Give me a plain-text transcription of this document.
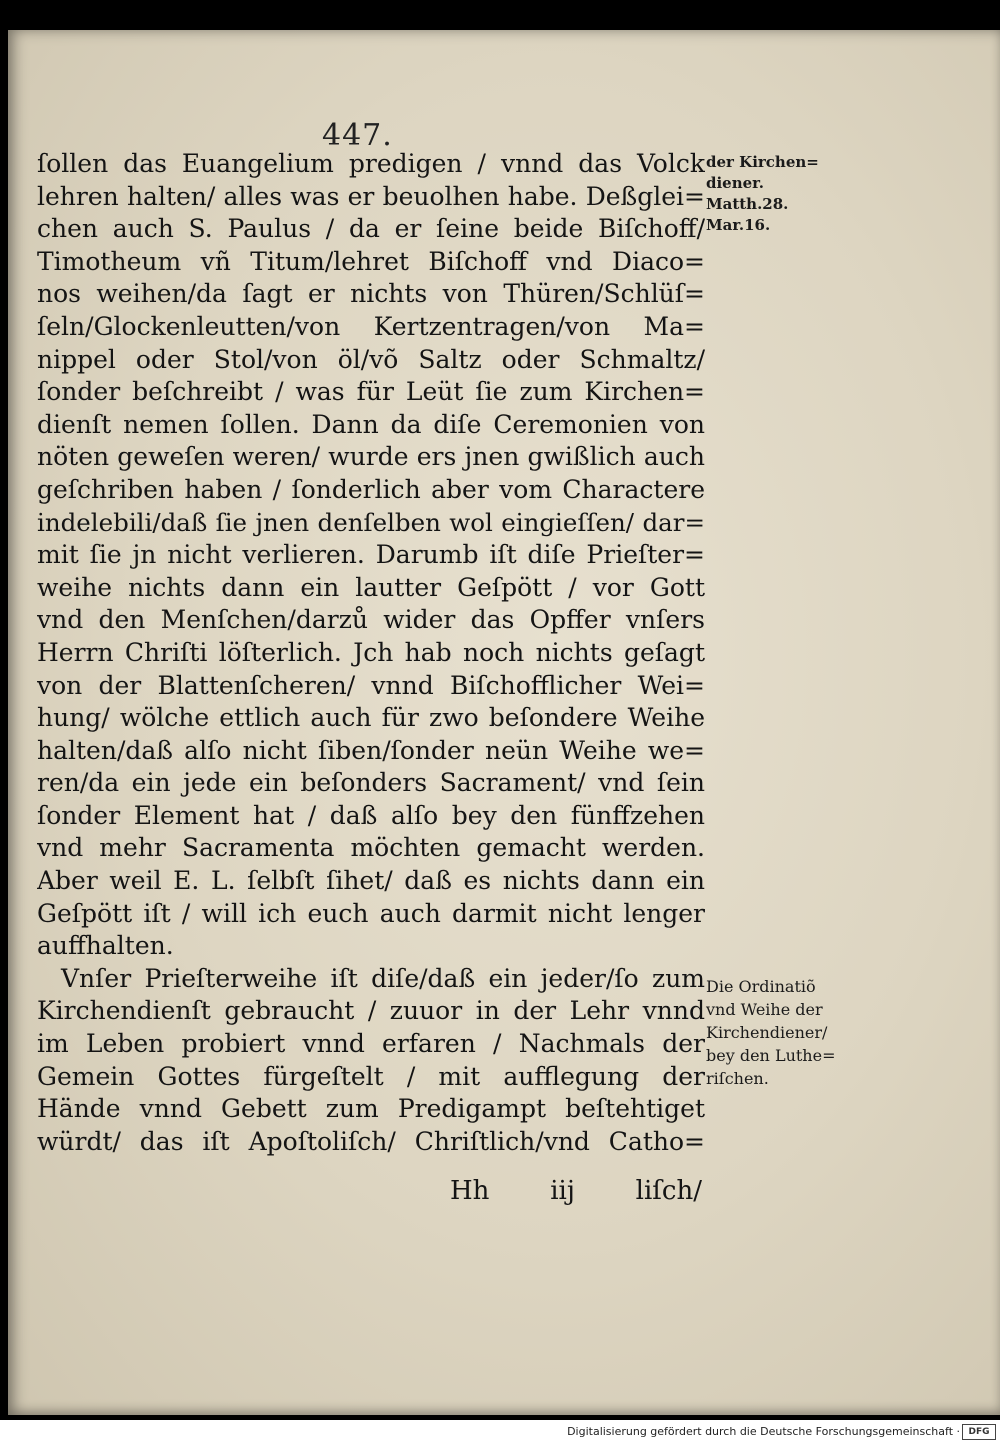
447.
ſollen das Euangelium predigen / vnnd das Volck
lehren halten/ alles was er beuolhen habe. Deßglei=
chen auch S. Paulus / da er ſeine beide Biſchoff/
Timotheum vñ Titum/lehret Biſchoff vnd Diaco=
nos weihen/da ſagt er nichts von Thüren/Schlüſ=
ſeln/Glockenleutten/von Kertzentragen/von Ma=
nippel oder Stol/von öl/võ Saltz oder Schmaltz/
ſonder beſchreibt / was für Leüt ſie zum Kirchen=
dienſt nemen ſollen. Dann da diſe Ceremonien von
nöten geweſen weren/ wurde ers jnen gwißlich auch
geſchriben haben / ſonderlich aber vom Charactere
indelebili/daß ſie jnen denſelben wol eingieſſen/ dar=
mit ſie jn nicht verlieren. Darumb iſt diſe Prieſter=
weihe nichts dann ein lautter Geſpött / vor Gott
vnd den Menſchen/darzů wider das Opffer vnſers
Herrn Chriſti löſterlich. Jch hab noch nichts geſagt
von der Blattenſcheren/ vnnd Biſchofflicher Wei=
hung/ wölche ettlich auch für zwo beſondere Weihe
halten/daß alſo nicht ſiben/ſonder neün Weihe we=
ren/da ein jede ein beſonders Sacrament/ vnd ſein
ſonder Element hat / daß alſo bey den fünffzehen
vnd mehr Sacramenta möchten gemacht werden.
Aber weil E. L. ſelbſt ſihet/ daß es nichts dann ein
Geſpött iſt / will ich euch auch darmit nicht lenger
auffhalten.
Vnſer Prieſterweihe iſt diſe/daß ein jeder/ſo zum
Kirchendienſt gebraucht / zuuor in der Lehr vnnd
im Leben probiert vnnd erfaren / Nachmals der
Gemein Gottes fürgeſtelt / mit aufflegung der
Hände vnnd Gebett zum Predigampt beſtehtiget
würdt/ das iſt Apoſtoliſch/ Chriſtlich/vnd Catho=
Hh iij liſch/
der Kirchen=
diener.
Matth.28.
Mar.16.
Die Ordinatiõ
vnd Weihe der
Kirchendiener/
bey den Luthe=
riſchen.
Digitalisierung gefördert durch die Deutsche Forschungsgemeinschaft · DFG
